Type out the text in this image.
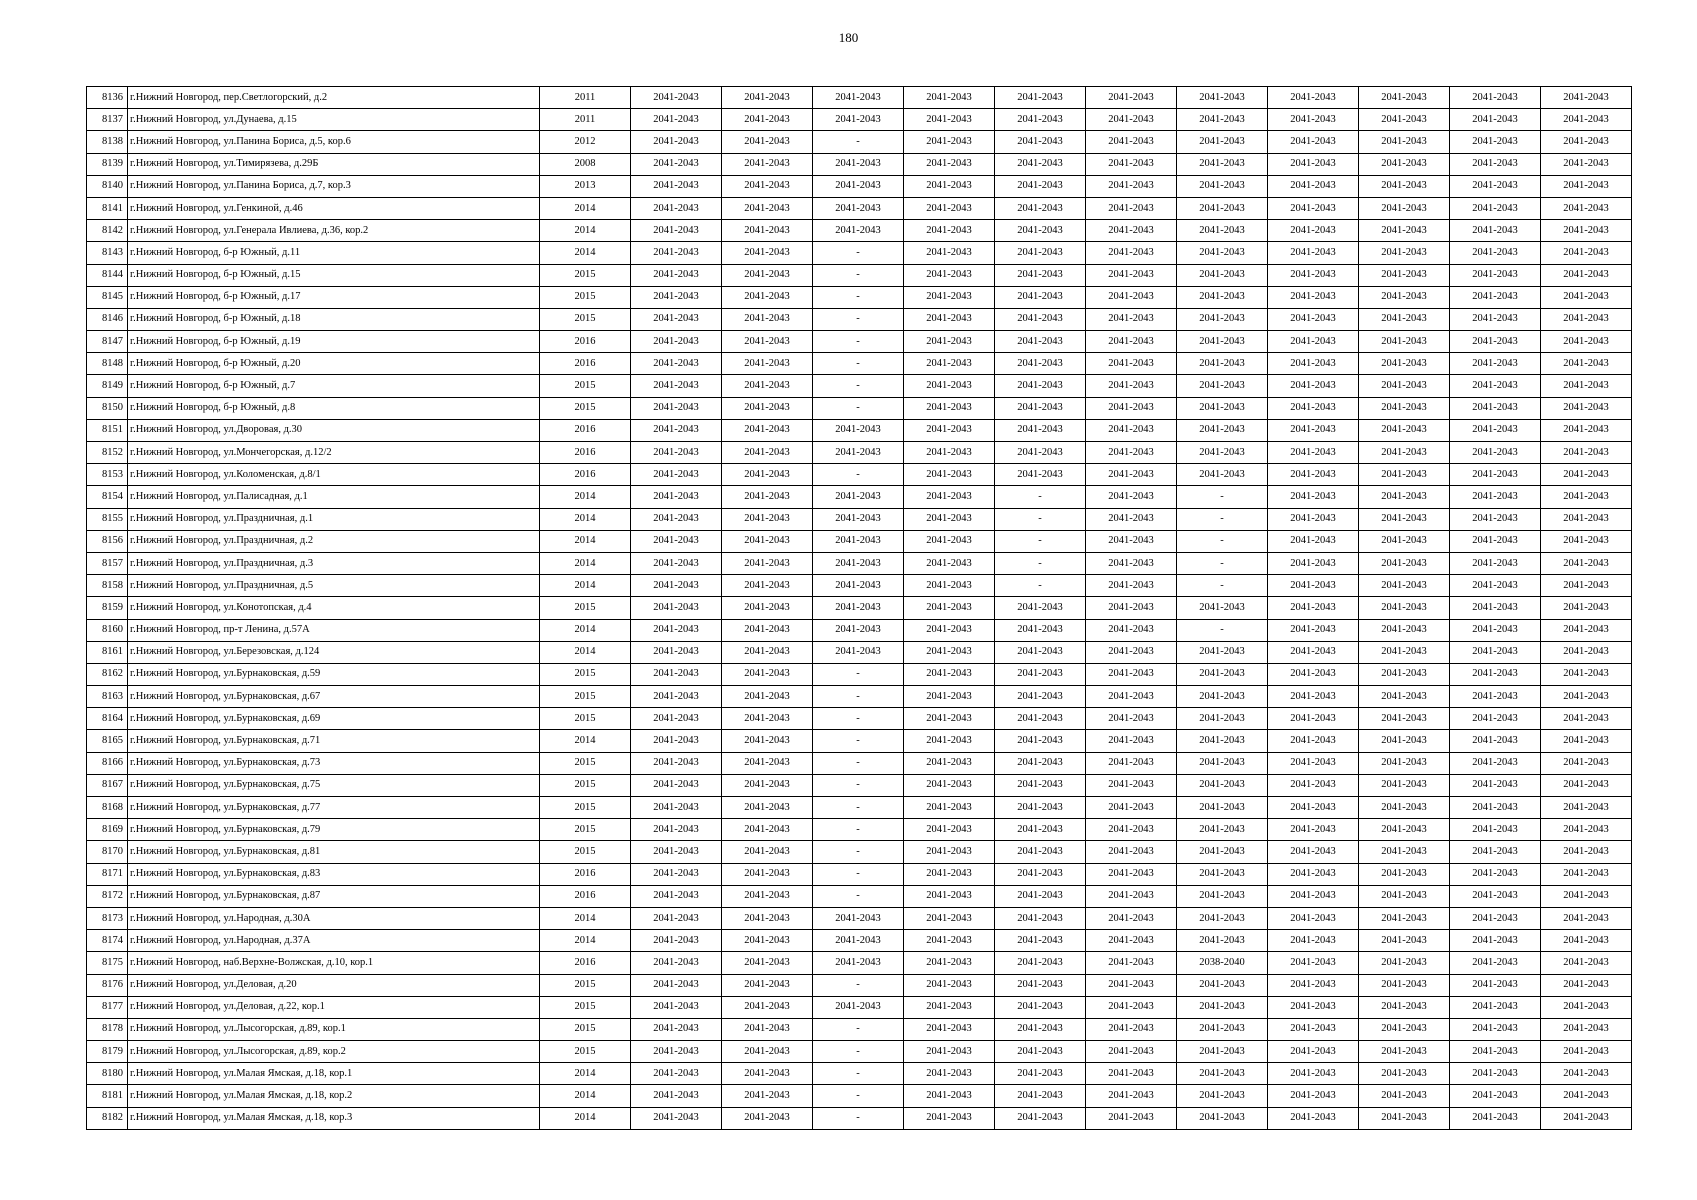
180
8136	г.Нижний Новгород, пер.Светлогорский, д.2	2011	2041-2043	2041-2043	2041-2043	2041-2043	2041-2043	2041-2043	2041-2043	2041-2043	2041-2043	2041-2043	2041-2043
8137	г.Нижний Новгород, ул.Дунаева, д.15	2011	2041-2043	2041-2043	2041-2043	2041-2043	2041-2043	2041-2043	2041-2043	2041-2043	2041-2043	2041-2043	2041-2043
8138	г.Нижний Новгород, ул.Панина Бориса, д.5, кор.6	2012	2041-2043	2041-2043	-	2041-2043	2041-2043	2041-2043	2041-2043	2041-2043	2041-2043	2041-2043	2041-2043
8139	г.Нижний Новгород, ул.Тимирязева, д.29Б	2008	2041-2043	2041-2043	2041-2043	2041-2043	2041-2043	2041-2043	2041-2043	2041-2043	2041-2043	2041-2043	2041-2043
8140	г.Нижний Новгород, ул.Панина Бориса, д.7, кор.3	2013	2041-2043	2041-2043	2041-2043	2041-2043	2041-2043	2041-2043	2041-2043	2041-2043	2041-2043	2041-2043	2041-2043
8141	г.Нижний Новгород, ул.Генкиной, д.46	2014	2041-2043	2041-2043	2041-2043	2041-2043	2041-2043	2041-2043	2041-2043	2041-2043	2041-2043	2041-2043	2041-2043
8142	г.Нижний Новгород, ул.Генерала Ивлиева, д.36, кор.2	2014	2041-2043	2041-2043	2041-2043	2041-2043	2041-2043	2041-2043	2041-2043	2041-2043	2041-2043	2041-2043	2041-2043
8143	г.Нижний Новгород, б-р Южный, д.11	2014	2041-2043	2041-2043	-	2041-2043	2041-2043	2041-2043	2041-2043	2041-2043	2041-2043	2041-2043	2041-2043
8144	г.Нижний Новгород, б-р Южный, д.15	2015	2041-2043	2041-2043	-	2041-2043	2041-2043	2041-2043	2041-2043	2041-2043	2041-2043	2041-2043	2041-2043
8145	г.Нижний Новгород, б-р Южный, д.17	2015	2041-2043	2041-2043	-	2041-2043	2041-2043	2041-2043	2041-2043	2041-2043	2041-2043	2041-2043	2041-2043
8146	г.Нижний Новгород, б-р Южный, д.18	2015	2041-2043	2041-2043	-	2041-2043	2041-2043	2041-2043	2041-2043	2041-2043	2041-2043	2041-2043	2041-2043
8147	г.Нижний Новгород, б-р Южный, д.19	2016	2041-2043	2041-2043	-	2041-2043	2041-2043	2041-2043	2041-2043	2041-2043	2041-2043	2041-2043	2041-2043
8148	г.Нижний Новгород, б-р Южный, д.20	2016	2041-2043	2041-2043	-	2041-2043	2041-2043	2041-2043	2041-2043	2041-2043	2041-2043	2041-2043	2041-2043
8149	г.Нижний Новгород, б-р Южный, д.7	2015	2041-2043	2041-2043	-	2041-2043	2041-2043	2041-2043	2041-2043	2041-2043	2041-2043	2041-2043	2041-2043
8150	г.Нижний Новгород, б-р Южный, д.8	2015	2041-2043	2041-2043	-	2041-2043	2041-2043	2041-2043	2041-2043	2041-2043	2041-2043	2041-2043	2041-2043
8151	г.Нижний Новгород, ул.Дворовая, д.30	2016	2041-2043	2041-2043	2041-2043	2041-2043	2041-2043	2041-2043	2041-2043	2041-2043	2041-2043	2041-2043	2041-2043
8152	г.Нижний Новгород, ул.Мончегорская, д.12/2	2016	2041-2043	2041-2043	2041-2043	2041-2043	2041-2043	2041-2043	2041-2043	2041-2043	2041-2043	2041-2043	2041-2043
8153	г.Нижний Новгород, ул.Коломенская, д.8/1	2016	2041-2043	2041-2043	-	2041-2043	2041-2043	2041-2043	2041-2043	2041-2043	2041-2043	2041-2043	2041-2043
8154	г.Нижний Новгород, ул.Палисадная, д.1	2014	2041-2043	2041-2043	2041-2043	2041-2043	-	2041-2043	-	2041-2043	2041-2043	2041-2043	2041-2043
8155	г.Нижний Новгород, ул.Праздничная, д.1	2014	2041-2043	2041-2043	2041-2043	2041-2043	-	2041-2043	-	2041-2043	2041-2043	2041-2043	2041-2043
8156	г.Нижний Новгород, ул.Праздничная, д.2	2014	2041-2043	2041-2043	2041-2043	2041-2043	-	2041-2043	-	2041-2043	2041-2043	2041-2043	2041-2043
8157	г.Нижний Новгород, ул.Праздничная, д.3	2014	2041-2043	2041-2043	2041-2043	2041-2043	-	2041-2043	-	2041-2043	2041-2043	2041-2043	2041-2043
8158	г.Нижний Новгород, ул.Праздничная, д.5	2014	2041-2043	2041-2043	2041-2043	2041-2043	-	2041-2043	-	2041-2043	2041-2043	2041-2043	2041-2043
8159	г.Нижний Новгород, ул.Конотопская, д.4	2015	2041-2043	2041-2043	2041-2043	2041-2043	2041-2043	2041-2043	2041-2043	2041-2043	2041-2043	2041-2043	2041-2043
8160	г.Нижний Новгород, пр-т Ленина, д.57А	2014	2041-2043	2041-2043	2041-2043	2041-2043	2041-2043	2041-2043	-	2041-2043	2041-2043	2041-2043	2041-2043
8161	г.Нижний Новгород, ул.Березовская, д.124	2014	2041-2043	2041-2043	2041-2043	2041-2043	2041-2043	2041-2043	2041-2043	2041-2043	2041-2043	2041-2043	2041-2043
8162	г.Нижний Новгород, ул.Бурнаковская, д.59	2015	2041-2043	2041-2043	-	2041-2043	2041-2043	2041-2043	2041-2043	2041-2043	2041-2043	2041-2043	2041-2043
8163	г.Нижний Новгород, ул.Бурнаковская, д.67	2015	2041-2043	2041-2043	-	2041-2043	2041-2043	2041-2043	2041-2043	2041-2043	2041-2043	2041-2043	2041-2043
8164	г.Нижний Новгород, ул.Бурнаковская, д.69	2015	2041-2043	2041-2043	-	2041-2043	2041-2043	2041-2043	2041-2043	2041-2043	2041-2043	2041-2043	2041-2043
8165	г.Нижний Новгород, ул.Бурнаковская, д.71	2014	2041-2043	2041-2043	-	2041-2043	2041-2043	2041-2043	2041-2043	2041-2043	2041-2043	2041-2043	2041-2043
8166	г.Нижний Новгород, ул.Бурнаковская, д.73	2015	2041-2043	2041-2043	-	2041-2043	2041-2043	2041-2043	2041-2043	2041-2043	2041-2043	2041-2043	2041-2043
8167	г.Нижний Новгород, ул.Бурнаковская, д.75	2015	2041-2043	2041-2043	-	2041-2043	2041-2043	2041-2043	2041-2043	2041-2043	2041-2043	2041-2043	2041-2043
8168	г.Нижний Новгород, ул.Бурнаковская, д.77	2015	2041-2043	2041-2043	-	2041-2043	2041-2043	2041-2043	2041-2043	2041-2043	2041-2043	2041-2043	2041-2043
8169	г.Нижний Новгород, ул.Бурнаковская, д.79	2015	2041-2043	2041-2043	-	2041-2043	2041-2043	2041-2043	2041-2043	2041-2043	2041-2043	2041-2043	2041-2043
8170	г.Нижний Новгород, ул.Бурнаковская, д.81	2015	2041-2043	2041-2043	-	2041-2043	2041-2043	2041-2043	2041-2043	2041-2043	2041-2043	2041-2043	2041-2043
8171	г.Нижний Новгород, ул.Бурнаковская, д.83	2016	2041-2043	2041-2043	-	2041-2043	2041-2043	2041-2043	2041-2043	2041-2043	2041-2043	2041-2043	2041-2043
8172	г.Нижний Новгород, ул.Бурнаковская, д.87	2016	2041-2043	2041-2043	-	2041-2043	2041-2043	2041-2043	2041-2043	2041-2043	2041-2043	2041-2043	2041-2043
8173	г.Нижний Новгород, ул.Народная, д.30А	2014	2041-2043	2041-2043	2041-2043	2041-2043	2041-2043	2041-2043	2041-2043	2041-2043	2041-2043	2041-2043	2041-2043
8174	г.Нижний Новгород, ул.Народная, д.37А	2014	2041-2043	2041-2043	2041-2043	2041-2043	2041-2043	2041-2043	2041-2043	2041-2043	2041-2043	2041-2043	2041-2043
8175	г.Нижний Новгород, наб.Верхне-Волжская, д.10, кор.1	2016	2041-2043	2041-2043	2041-2043	2041-2043	2041-2043	2041-2043	2038-2040	2041-2043	2041-2043	2041-2043	2041-2043
8176	г.Нижний Новгород, ул.Деловая, д.20	2015	2041-2043	2041-2043	-	2041-2043	2041-2043	2041-2043	2041-2043	2041-2043	2041-2043	2041-2043	2041-2043
8177	г.Нижний Новгород, ул.Деловая, д.22, кор.1	2015	2041-2043	2041-2043	2041-2043	2041-2043	2041-2043	2041-2043	2041-2043	2041-2043	2041-2043	2041-2043	2041-2043
8178	г.Нижний Новгород, ул.Лысогорская, д.89, кор.1	2015	2041-2043	2041-2043	-	2041-2043	2041-2043	2041-2043	2041-2043	2041-2043	2041-2043	2041-2043	2041-2043
8179	г.Нижний Новгород, ул.Лысогорская, д.89, кор.2	2015	2041-2043	2041-2043	-	2041-2043	2041-2043	2041-2043	2041-2043	2041-2043	2041-2043	2041-2043	2041-2043
8180	г.Нижний Новгород, ул.Малая Ямская, д.18, кор.1	2014	2041-2043	2041-2043	-	2041-2043	2041-2043	2041-2043	2041-2043	2041-2043	2041-2043	2041-2043	2041-2043
8181	г.Нижний Новгород, ул.Малая Ямская, д.18, кор.2	2014	2041-2043	2041-2043	-	2041-2043	2041-2043	2041-2043	2041-2043	2041-2043	2041-2043	2041-2043	2041-2043
8182	г.Нижний Новгород, ул.Малая Ямская, д.18, кор.3	2014	2041-2043	2041-2043	-	2041-2043	2041-2043	2041-2043	2041-2043	2041-2043	2041-2043	2041-2043	2041-2043
